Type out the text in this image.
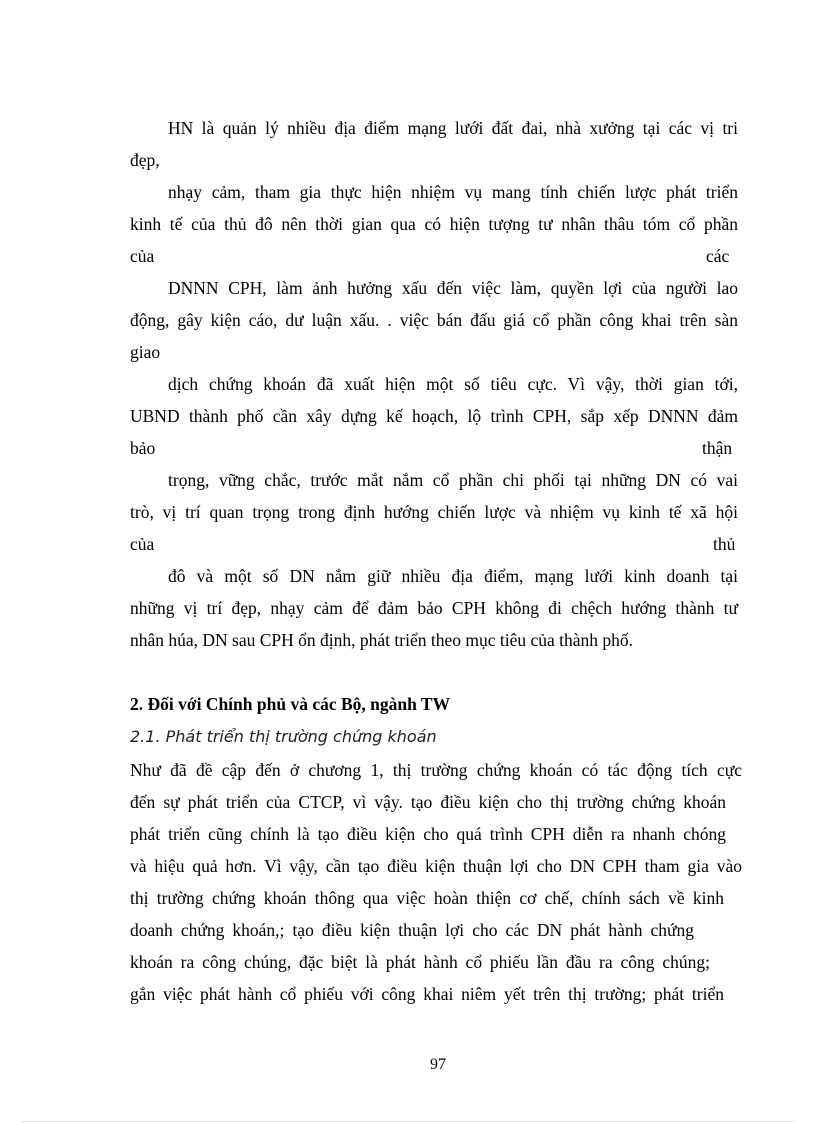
HN là quản lý nhiều địa điểm mạng lưới đất đai, nhà xưởng tại các vị tri
đẹp,
nhạy cảm, tham gia thực hiện nhiệm vụ mang tính chiến lược phát triển
kinh tế của thủ đô nên thời gian qua có hiện tượng tư nhân thâu tóm cổ phần
của	các
DNNN CPH, làm ảnh hưởng xấu đến việc làm, quyền lợi của người lao
động, gây kiện cáo, dư luận xấu. . việc bán đấu giá cổ phần công khai trên sàn
giao
dịch chứng khoán đã xuất hiện một số tiêu cực. Vì vậy, thời gian tới,
UBND thành phố cần xây dựng kế hoạch, lộ trình CPH, sắp xếp DNNN đảm
bảo	thận
trọng, vững chắc, trước mắt nắm cổ phần chi phối tại những DN có vai
trò, vị trí quan trọng trong định hướng chiến lược và nhiệm vụ kinh tế xã hội
của	thủ
đô và một số DN nắm giữ nhiều địa điểm, mạng lưới kinh doanh tại
những vị trí đẹp, nhạy cảm để đảm bảo CPH không đi chệch hướng thành tư
nhân húa, DN sau CPH ổn định, phát triển theo mục tiêu của thành phố.
2. Đối với Chính phủ và các Bộ, ngành TW
2.1. Phát triển thị trường chứng khoán
Như đã đề cập đến ở chương 1, thị trường chứng khoán có tác động tích cực
đến sự phát triển của CTCP, vì vậy. tạo điều kiện cho thị trường chứng khoán
phát triển cũng chính là tạo điều kiện cho quá trình CPH diễn ra nhanh chóng
và hiệu quả hơn. Vì vậy, cần tạo điều kiện thuận lợi cho DN CPH tham gia vào
thị trường chứng khoán thông qua việc hoàn thiện cơ chế, chính sách về kinh
doanh chứng khoán,; tạo điều kiện thuận lợi cho các DN phát hành chứng
khoán ra công chúng, đặc biệt là phát hành cổ phiếu lần đầu ra công chúng;
gắn việc phát hành cổ phiếu với công khai niêm yết trên thị trường; phát triển
97
